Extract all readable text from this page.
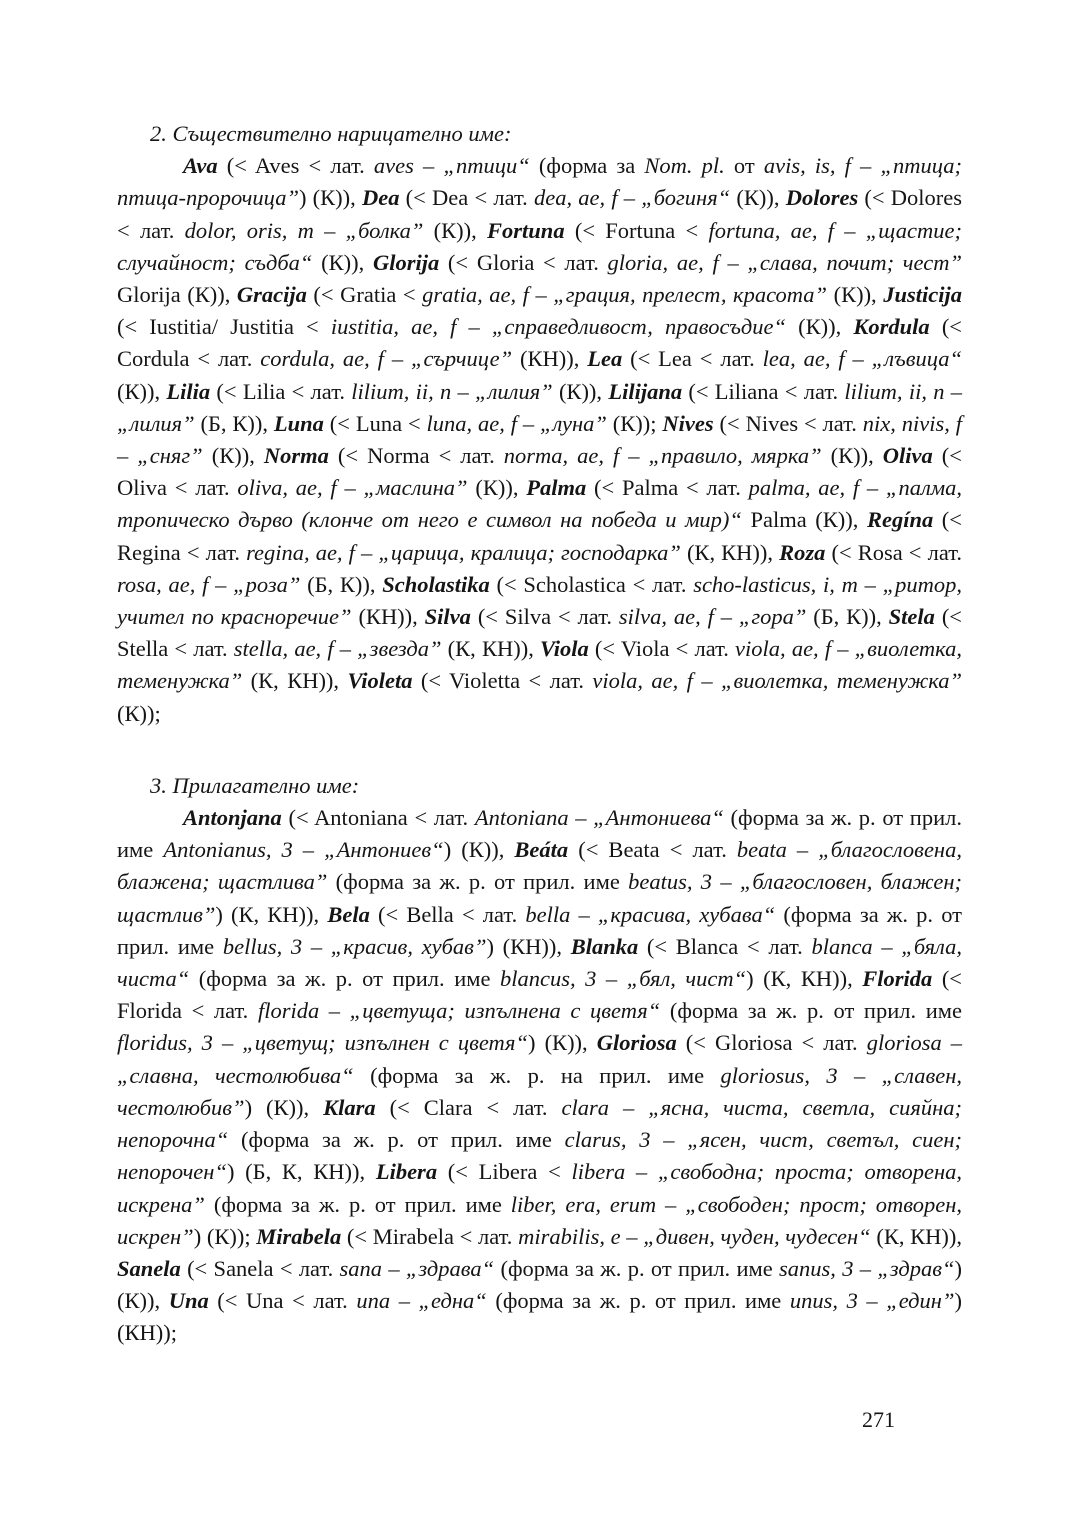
2. Съществително нарицателно име:

Ava (< Aves < лат. aves – „птици“ (форма за Nom. pl. от avis, is, f – „птица; птица-пророчица”) (К)), Dea (< Dea < лат. dea, ae, f – „богиня“ (К)), Dolores (< Dolores < лат. dolor, oris, m – „болка” (К)), Fortuna (< Fortuna < fortuna, ae, f – „щастие; случайност; съдба“ (К)), Glorija (< Gloria < лат. gloria, ae, f – „слава, почит; чест” Glorija (К)), Gracija (< Gratia < gratia, ae, f – „грация, прелест, красота” (К)), Justicija (< Iustitia/ Justitia < iustitia, ae, f – „справедливост, правосъдие“ (К)), Kordula (< Cordula < лат. cordula, ae, f – „сърчице” (КН)), Lea (< Lea < лат. lea, ae, f – „лъвица“ (К)), Lilia (< Lilia < лат. lilium, ii, n – „лилия” (К)), Lilijana (< Liliana < лат. lilium, ii, n – „лилия” (Б, К)), Luna (< Luna < luna, ae, f – „луна” (К)); Nives (< Nives < лат. nix, nivis, f – „сняг” (К)), Norma (< Norma < лат. norma, ae, f – „правило, мярка” (К)), Oliva (< Oliva < лат. oliva, ae, f – „маслина” (К)), Palma (< Palma < лат. palma, ae, f – „палма, тропическо дърво (клонче от него е символ на победа и мир)“ Palma (К)), Regína (< Regina < лат. regina, ae, f – „царица, кралица; господарка” (К, КН)), Roza (< Rosa < лат. rosa, ae, f – „роза” (Б, К)), Scholastika (< Scholastica < лат. scho-lasticus, i, m – „ритор, учител по красноречие” (КН)), Silva (< Silva < лат. silva, ae, f – „гора” (Б, К)), Stela (< Stella < лат. stella, ae, f – „звезда” (К, КН)), Viola (< Viola < лат. viola, ae, f – „виолетка, теменужка” (К, КН)), Violeta (< Violetta < лат. viola, ae, f – „виолетка, теменужка” (К));

3. Прилагателно име:

Antonjana (< Antoniana < лат. Antoniana – „Антониева“ (форма за ж. р. от прил. име Antonianus, 3 – „Антониев“) (К)), Beáta (< Beata < лат. beata – „благословена, блажена; щастлива” (форма за ж. р. от прил. име beatus, 3 – „благословен, блажен; щастлив”) (К, КН)), Bela (< Bella < лат. bella – „красива, хубава“ (форма за ж. р. от прил. име bellus, 3 – „красив, хубав”) (КН)), Blanka (< Blanca < лат. blanca – „бяла, чиста“ (форма за ж. р. от прил. име blancus, 3 – „бял, чист“) (К, КН)), Florida (< Florida < лат. florida – „цветуща; изпълнена с цветя“ (форма за ж. р. от прил. име floridus, 3 – „цветущ; изпълнен с цветя“) (К)), Gloriosa (< Gloriosa < лат. gloriosa – „славна, честолюбива“ (форма за ж. р. на прил. име gloriosus, 3 – „славен, честолюбив”) (К)), Klara (< Clara < лат. clara – „ясна, чиста, светла, сияйна; непорочна“ (форма за ж. р. от прил. име clarus, 3 – „ясен, чист, светъл, сиен; непорочен“) (Б, К, КН)), Libera (< Libera < libera – „свободна; проста; отворена, искрена” (форма за ж. р. от прил. име liber, era, erum – „свободен; прост; отворен, искрен”) (К)); Mirabela (< Mirabela < лат. mirabilis, e – „дивен, чуден, чудесен“ (К, КН)), Sanela (< Sanela < лат. sana – „здрава“ (форма за ж. р. от прил. име sanus, 3 – „здрав“) (К)), Una (< Una < лат. una – „една“ (форма за ж. р. от прил. име unus, 3 – „един”) (КН));

271
